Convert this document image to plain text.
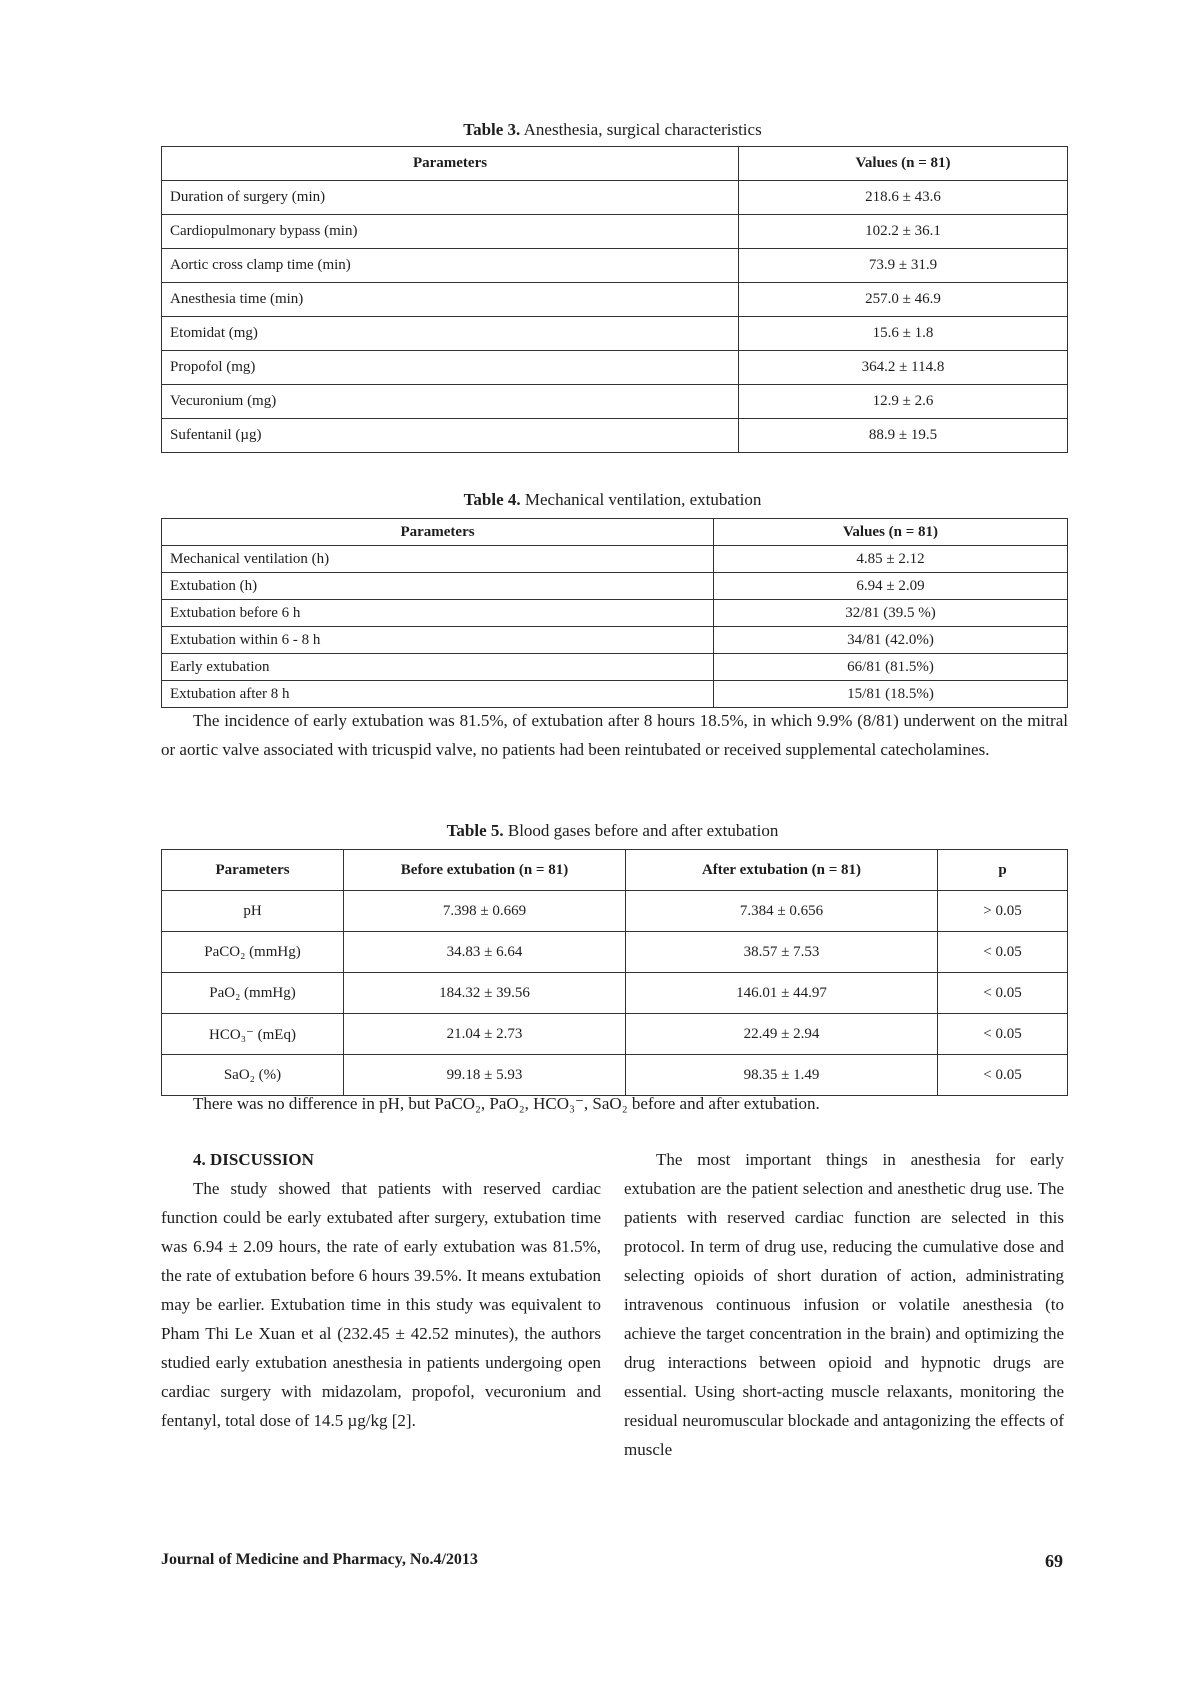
Table 3. Anesthesia, surgical characteristics
Parameters	Values (n = 81)
Duration of surgery (min)	218.6 ± 43.6
Cardiopulmonary bypass (min)	102.2 ± 36.1
Aortic cross clamp time (min)	73.9 ± 31.9
Anesthesia time (min)	257.0 ± 46.9
Etomidat (mg)	15.6 ± 1.8
Propofol (mg)	364.2 ± 114.8
Vecuronium (mg)	12.9 ± 2.6
Sufentanil (µg)	88.9 ± 19.5
Table 4. Mechanical ventilation, extubation
Parameters	Values (n = 81)
Mechanical ventilation (h)	4.85 ± 2.12
Extubation (h)	6.94 ± 2.09
Extubation before 6 h	32/81 (39.5 %)
Extubation within 6 - 8 h	34/81 (42.0%)
Early extubation	66/81 (81.5%)
Extubation after 8 h	15/81 (18.5%)
The incidence of early extubation was 81.5%, of extubation after 8 hours 18.5%, in which 9.9% (8/81) underwent on the mitral or aortic valve associated with tricuspid valve, no patients had been reintubated or received supplemental catecholamines.
Table 5. Blood gases before and after extubation
Parameters	Before extubation (n = 81)	After extubation (n = 81)	p
pH	7.398 ± 0.669	7.384 ± 0.656	> 0.05
PaCO₂ (mmHg)	34.83 ± 6.64	38.57 ± 7.53	< 0.05
PaO₂ (mmHg)	184.32 ± 39.56	146.01 ± 44.97	< 0.05
HCO₃⁻ (mEq)	21.04 ± 2.73	22.49 ± 2.94	< 0.05
SaO₂ (%)	99.18 ± 5.93	98.35 ± 1.49	< 0.05
There was no difference in pH, but PaCO₂, PaO₂, HCO₃⁻, SaO₂ before and after extubation.

4. DISCUSSION

The study showed that patients with reserved cardiac function could be early extubated after surgery, extubation time was 6.94 ± 2.09 hours, the rate of early extubation was 81.5%, the rate of extubation before 6 hours 39.5%. It means extubation may be earlier. Extubation time in this study was equivalent to Pham Thi Le Xuan et al (232.45 ± 42.52 minutes), the authors studied early extubation anesthesia in patients undergoing open cardiac surgery with midazolam, propofol, vecuronium and fentanyl, total dose of 14.5 µg/kg [2].

The most important things in anesthesia for early extubation are the patient selection and anesthetic drug use. The patients with reserved cardiac function are selected in this protocol. In term of drug use, reducing the cumulative dose and selecting opioids of short duration of action, administrating intravenous continuous infusion or volatile anesthesia (to achieve the target concentration in the brain) and optimizing the drug interactions between opioid and hypnotic drugs are essential. Using short-acting muscle relaxants, monitoring the residual neuromuscular blockade and antagonizing the effects of muscle
Journal of Medicine and Pharmacy, No.4/2013	69
